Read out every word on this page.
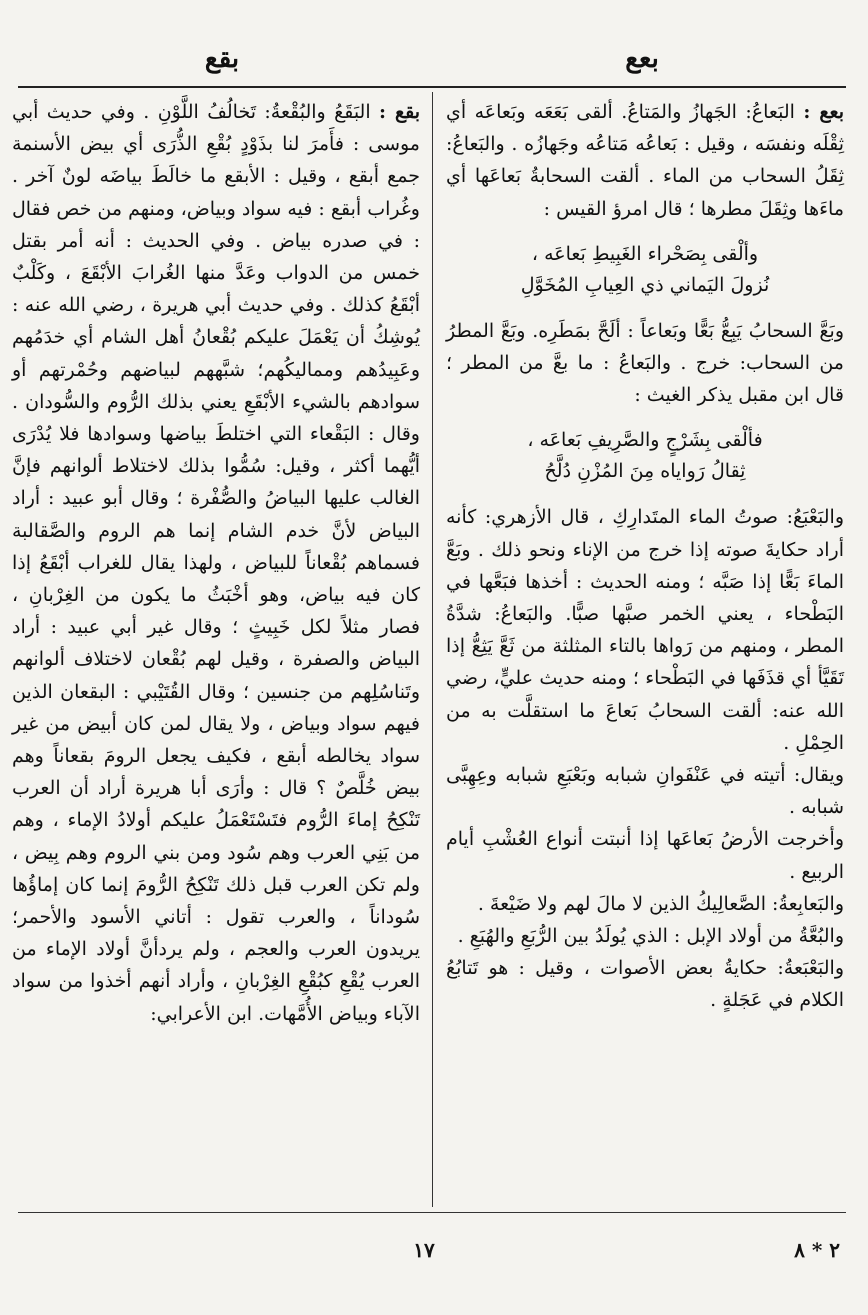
بعع
بقع

بعع : البَعاعُ: الجَهازُ والمَتاعُ. ألقى بَعَعَه وبَعاعَه أي ثِقْلَه ونفسَه ، وقيل : بَعاعُه مَتاعُه وجَهازُه . والبَعاعُ: ثِقَلُ السحاب من الماء . ألقت السحابةُ بَعاعَها أي ماءَها وثِقَلَ مطرها ؛ قال امرؤ القيس :

وألْقى بِصَحْراء الغَبِيطِ بَعاعَه ،
نُزولَ اليَماني ذي العِيابِ المُخَوَّلِ

وبَعَّ السحابُ يَبِعُّ بَعًّا وبَعاعاً : ألَحَّ بمَطَرِه. وبَعَّ المطرُ من السحاب: خرج . والبَعاعُ : ما بعَّ من المطر ؛ قال ابن مقبل يذكر الغيث :

فألْقى بِشَرْجٍ والصَّرِيفِ بَعاعَه ،
ثِقالُ رَواياه مِنَ المُزْنِ دُلَّحُ

والبَعْبَعُ: صوتُ الماء المتَدارِكِ ، قال الأزهري: كأنه أراد حكايةَ صوته إذا خرج من الإناء ونحو ذلك . وبَعَّ الماءَ بَعًّا إذا صَبَّه ؛ ومنه الحديث : أخذها فبَعَّها في البَطْحاء ، يعني الخمر صبَّها صبًّا. والبَعاعُ: شدَّةُ المطر ، ومنهم من رَواها بالتاء المثلثة من ثَعَّ يَثِعُّ إذا تَقَيَّأ أي قذَفَها في البَطْحاء ؛ ومنه حديث عليٍّ، رضي الله عنه: ألقت السحابُ بَعاعَ ما استقلَّت به من الحِمْلِ .

ويقال: أتيته في عَنْفَوانِ شبابه وبَعْبَعِ شبابه وعِهِبَّى شبابه .

وأخرجت الأرضُ بَعاعَها إذا أنبتت أنواع العُشْبِ أيام الربيع .

والبَعابِعةُ: الصَّعالِيكُ الذين لا مالَ لهم ولا ضَيْعةَ .

والبُعَّةُ من أولاد الإبل : الذي يُولَدُ بين الرُّبَعِ والهُبَعِ .

والبَعْبَعةُ: حكايةُ بعض الأصوات ، وقيل : هو تَتابُعُ الكلام في عَجَلةٍ .

بقع : البَقَعُ والبُقْعةُ: تَخالُفُ اللَّوْنِ . وفي حديث أبي موسى : فأَمرَ لنا بذَوْدٍ بُقْعِ الذُّرَى أي بيض الأسنمة جمع أبقع ، وقيل : الأبقع ما خالَطَ بياضَه لونٌ آخر . وغُراب أبقع : فيه سواد وبياض، ومنهم من خص فقال : في صدره بياض . وفي الحديث : أنه أمر بقتل خمس من الدواب وعَدَّ منها الغُرابَ الأبْقَعَ ، وكَلْبٌ أبْقَعُ كذلك . وفي حديث أبي هريرة ، رضي الله عنه : يُوشِكُ أن يَعْمَلَ عليكم بُقْعانُ أهل الشام أي خدَمُهم وعَبِيدُهم ومماليكُهم؛ شبَّههم لبياضهم وحُمْرتهم أو سوادهم بالشيء الأبْقَعِ يعني بذلك الرُّوم والسُّودان . وقال : البَقْعاء التي اختلطَ بياضها وسوادها فلا يُدْرَى أيُّهما أكثر ، وقيل: سُمُّوا بذلك لاختلاط ألوانهم فإنَّ الغالب عليها البياضُ والصُّفْرة ؛ وقال أبو عبيد : أراد البياض لأنَّ خدم الشام إنما هم الروم والصَّقالبة فسماهم بُقْعاناً للبياض ، ولهذا يقال للغراب أبْقَعُ إذا كان فيه بياض، وهو أخْبَثُ ما يكون من الغِرْبانِ ، فصار مثلاً لكل خَبِيثٍ ؛ وقال غير أبي عبيد : أراد البياض والصفرة ، وقيل لهم بُقْعان لاختلاف ألوانهم وتَناسُلِهم من جنسين ؛ وقال القُتَيْبي : البقعان الذين فيهم سواد وبياض ، ولا يقال لمن كان أبيض من غير سواد يخالطه أبقع ، فكيف يجعل الرومَ بقعاناً وهم بيض خُلَّصٌ ؟ قال : وأرَى أبا هريرة أراد أن العرب تَنْكِحُ إماءَ الرُّوم فتَسْتَعْمَلُ عليكم أولادُ الإماء ، وهم من بَنِي العرب وهم سُود ومن بني الروم وهم بِيض ، ولم تكن العرب قبل ذلك تَنْكِحُ الرُّومَ إنما كان إماؤُها سُوداناً ، والعرب تقول : أتاني الأسود والأحمر؛ يريدون العرب والعجم ، ولم يردأنَّ أولاد الإماء من العرب يُقْعِ كبُقْعِ الغِرْبانِ ، وأراد أنهم أخذوا من سواد الآباء وبياض الأُمَّهات. ابن الأعرابي:

١٧	٢ * ٨
